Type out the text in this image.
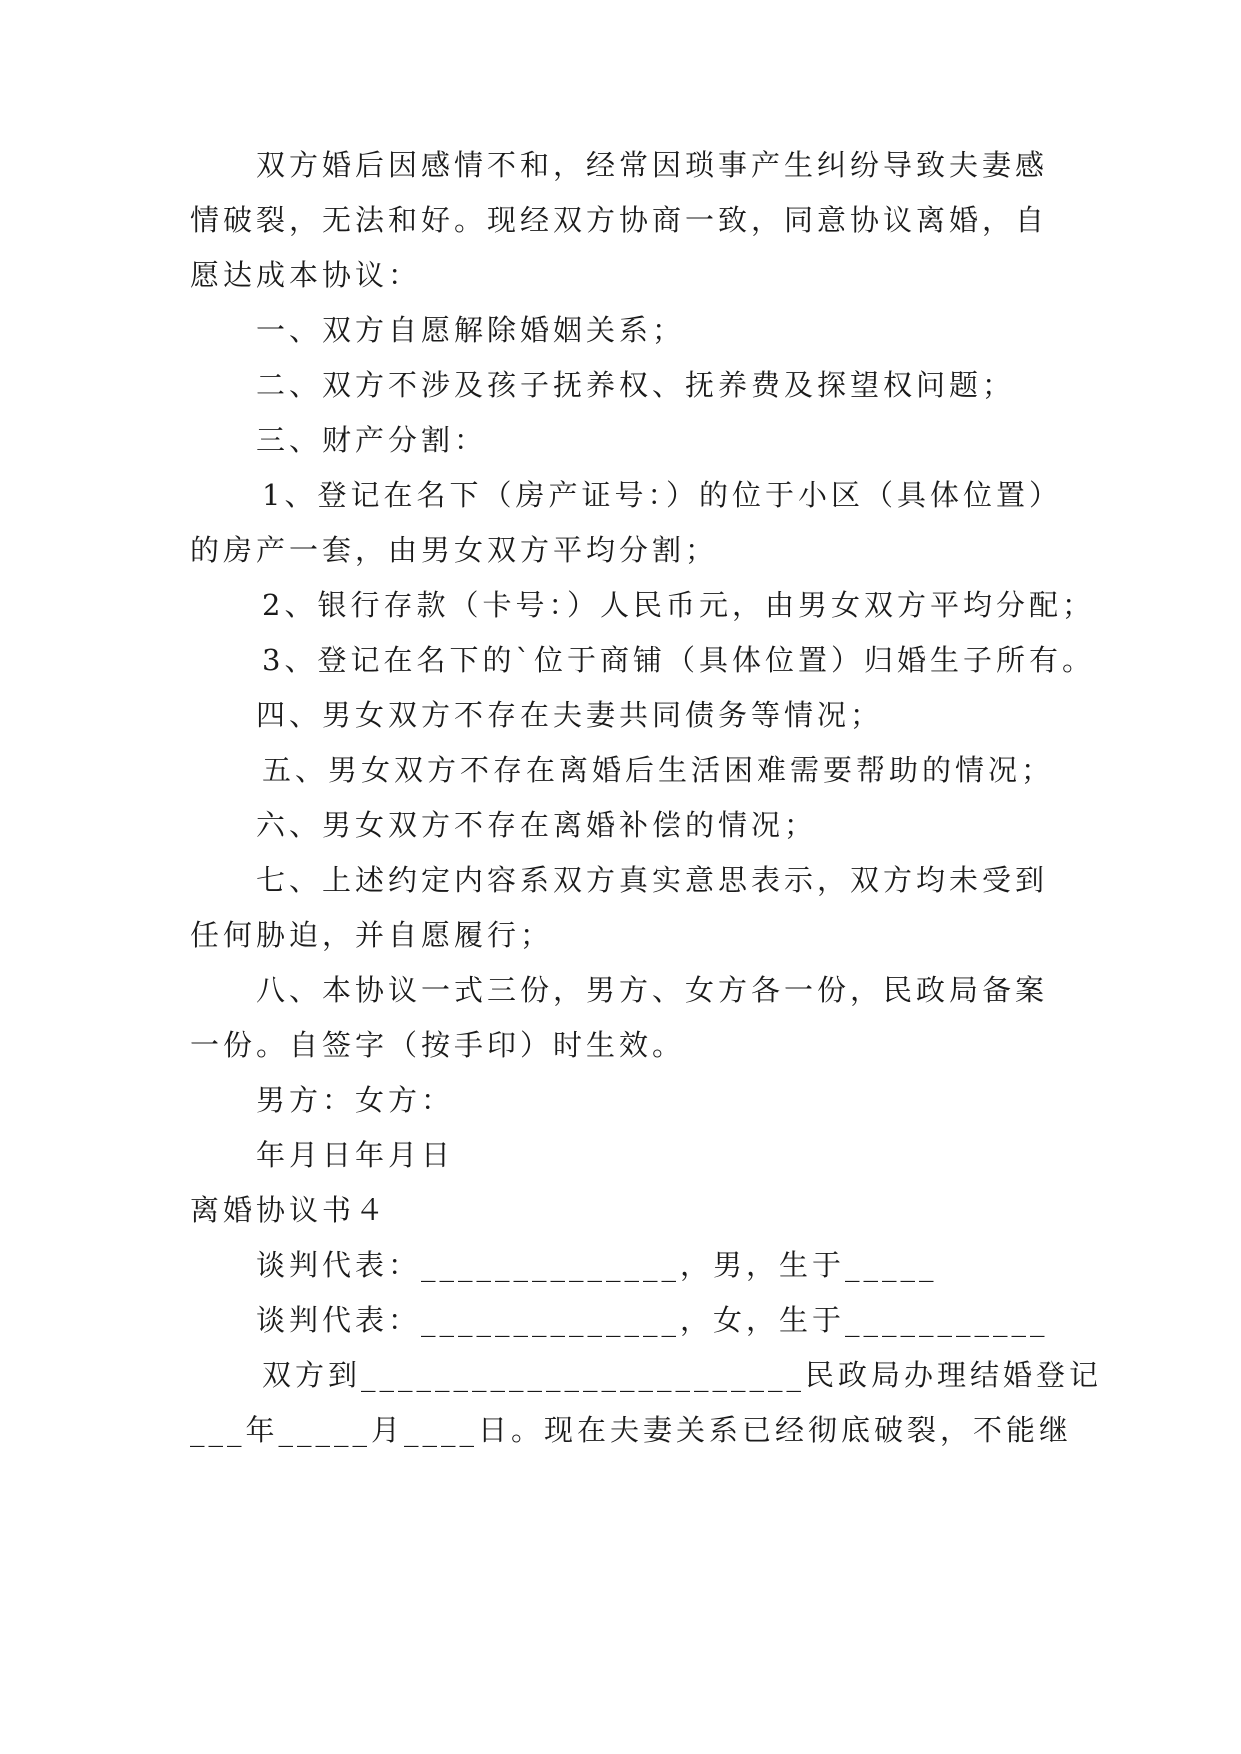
双方婚后因感情不和，经常因琐事产生纠纷导致夫妻感
情破裂，无法和好。现经双方协商一致，同意协议离婚，自
愿达成本协议：
一、双方自愿解除婚姻关系；
二、双方不涉及孩子抚养权、抚养费及探望权问题；
三、财产分割：
1、登记在名下（房产证号：）的位于小区（具体位置）
的房产一套，由男女双方平均分割；
2、银行存款（卡号：）人民币元，由男女双方平均分配；
3、登记在名下的`位于商铺（具体位置）归婚生子所有。
四、男女双方不存在夫妻共同债务等情况；
五、男女双方不存在离婚后生活困难需要帮助的情况；
六、男女双方不存在离婚补偿的情况；
七、上述约定内容系双方真实意思表示，双方均未受到
任何胁迫，并自愿履行；
八、本协议一式三份，男方、女方各一份，民政局备案
一份。自签字（按手印）时生效。
男方：女方：
年月日年月日
离婚协议书４
谈判代表：______________，男，生于_____
谈判代表：______________，女，生于___________
双方到________________________民政局办理结婚登记
___年_____月____日。现在夫妻关系已经彻底破裂，不能继
